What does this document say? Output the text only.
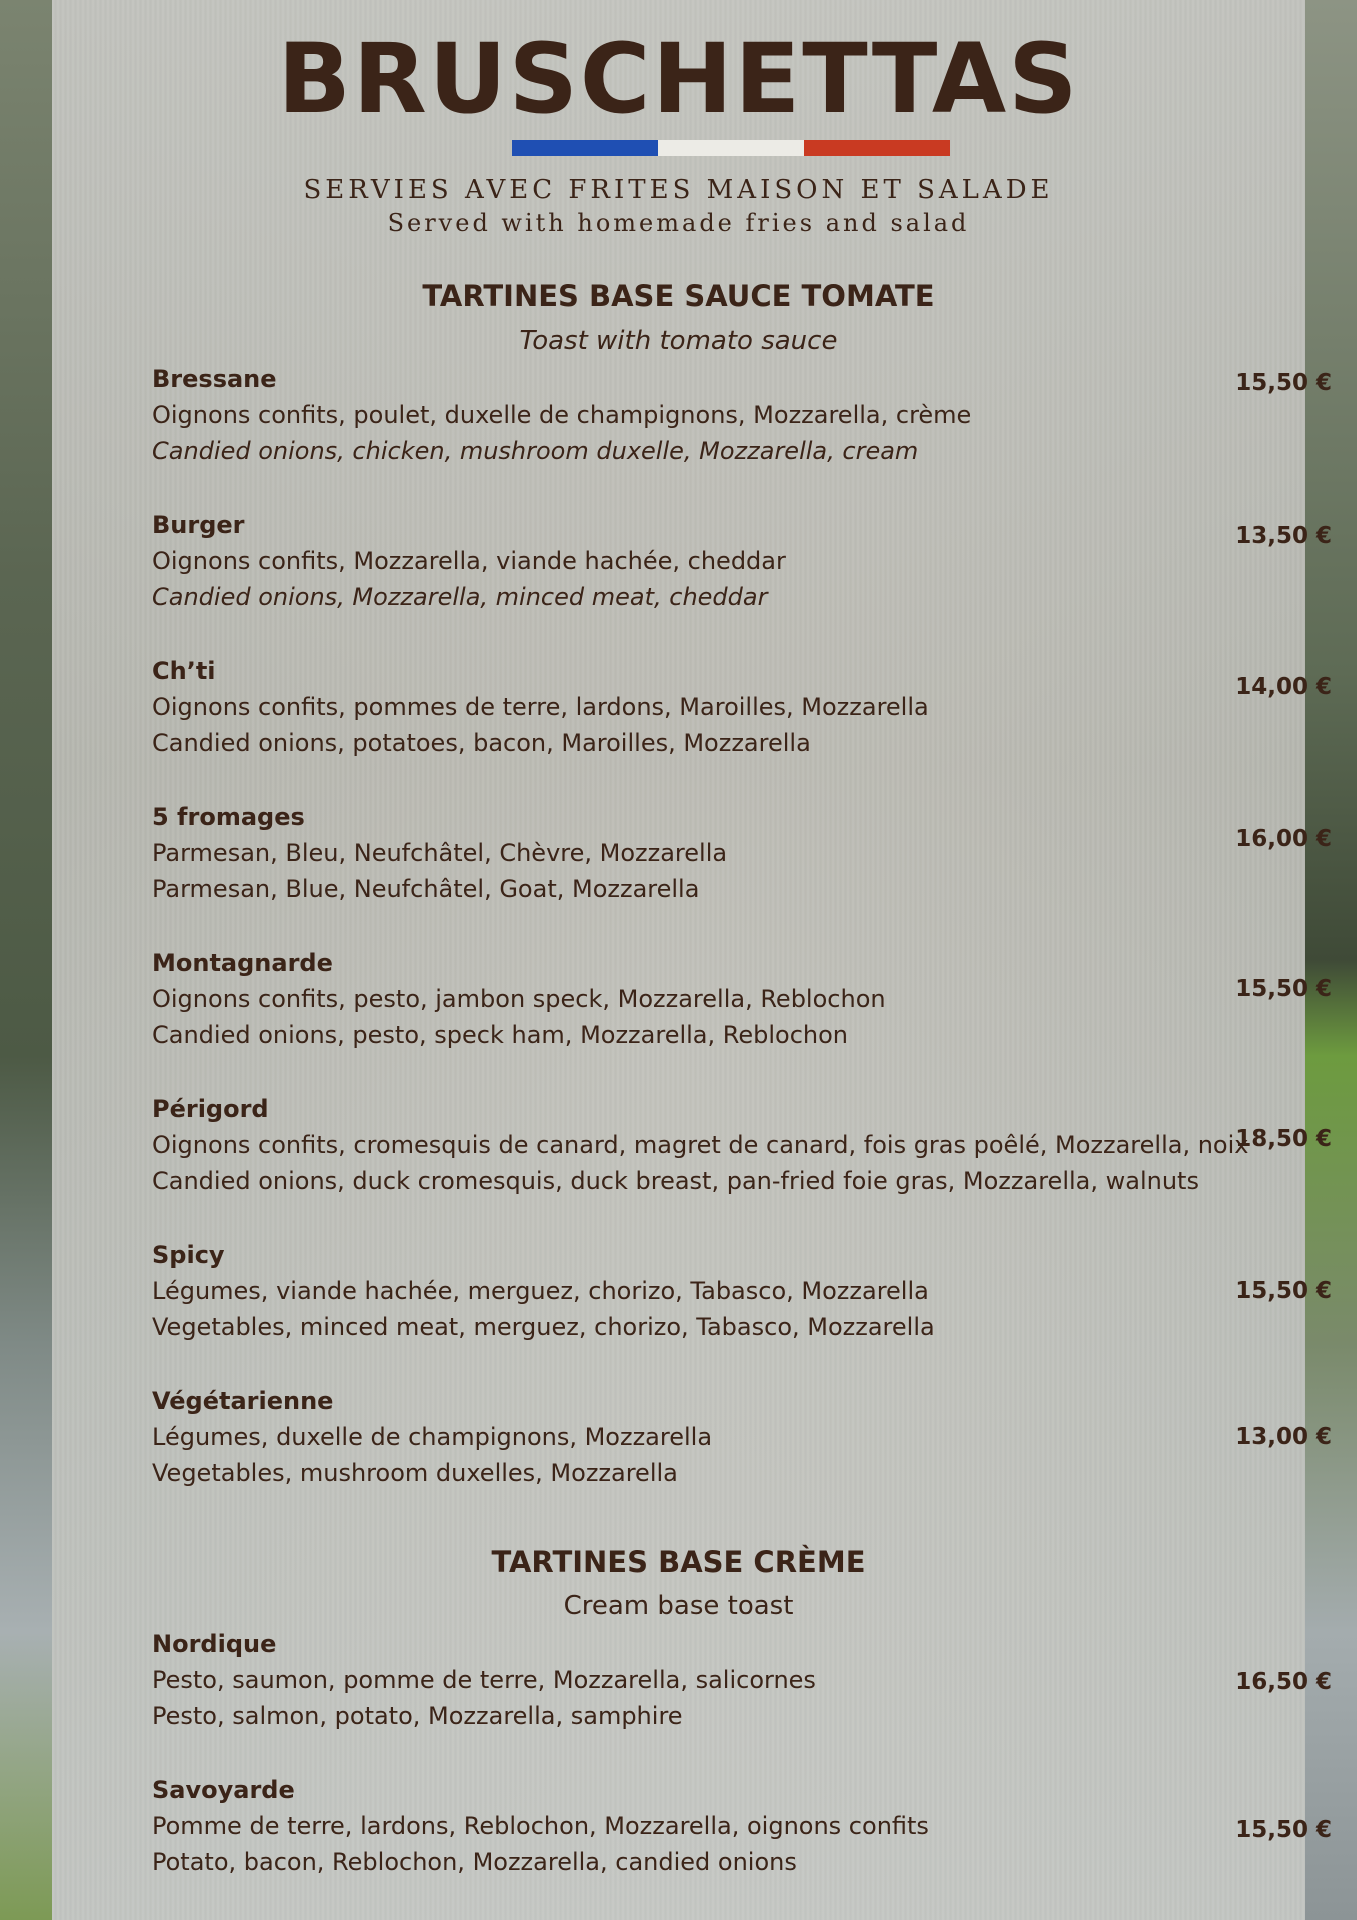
BRUSCHETTAS
SERVIES AVEC FRITES MAISON ET SALADE
Served with homemade fries and salad
TARTINES BASE SAUCE TOMATE
Toast with tomato sauce
Bressane
Oignons confits, poulet, duxelle de champignons, Mozzarella, crème
Candied onions, chicken, mushroom duxelle, Mozzarella, cream
15,50 €
Burger
Oignons confits, Mozzarella, viande hachée, cheddar
Candied onions, Mozzarella, minced meat, cheddar
13,50 €
Ch’ti
Oignons confits, pommes de terre, lardons, Maroilles, Mozzarella
Candied onions, potatoes, bacon, Maroilles, Mozzarella
14,00 €
5 fromages
Parmesan, Bleu, Neufchâtel, Chèvre, Mozzarella
Parmesan, Blue, Neufchâtel, Goat, Mozzarella
16,00 €
Montagnarde
Oignons confits, pesto, jambon speck, Mozzarella, Reblochon
Candied onions, pesto, speck ham, Mozzarella, Reblochon
15,50 €
Périgord
Oignons confits, cromesquis de canard, magret de canard, fois gras poêlé, Mozzarella, noix
Candied onions, duck cromesquis, duck breast, pan-fried foie gras, Mozzarella, walnuts
18,50 €
Spicy
Légumes, viande hachée, merguez, chorizo, Tabasco, Mozzarella
Vegetables, minced meat, merguez, chorizo, Tabasco, Mozzarella
15,50 €
Végétarienne
Légumes, duxelle de champignons, Mozzarella
Vegetables, mushroom duxelles, Mozzarella
13,00 €
TARTINES BASE CRÈME
Cream base toast
Nordique
Pesto, saumon, pomme de terre, Mozzarella, salicornes
Pesto, salmon, potato, Mozzarella, samphire
16,50 €
Savoyarde
Pomme de terre, lardons, Reblochon, Mozzarella, oignons confits
Potato, bacon, Reblochon, Mozzarella, candied onions
15,50 €
